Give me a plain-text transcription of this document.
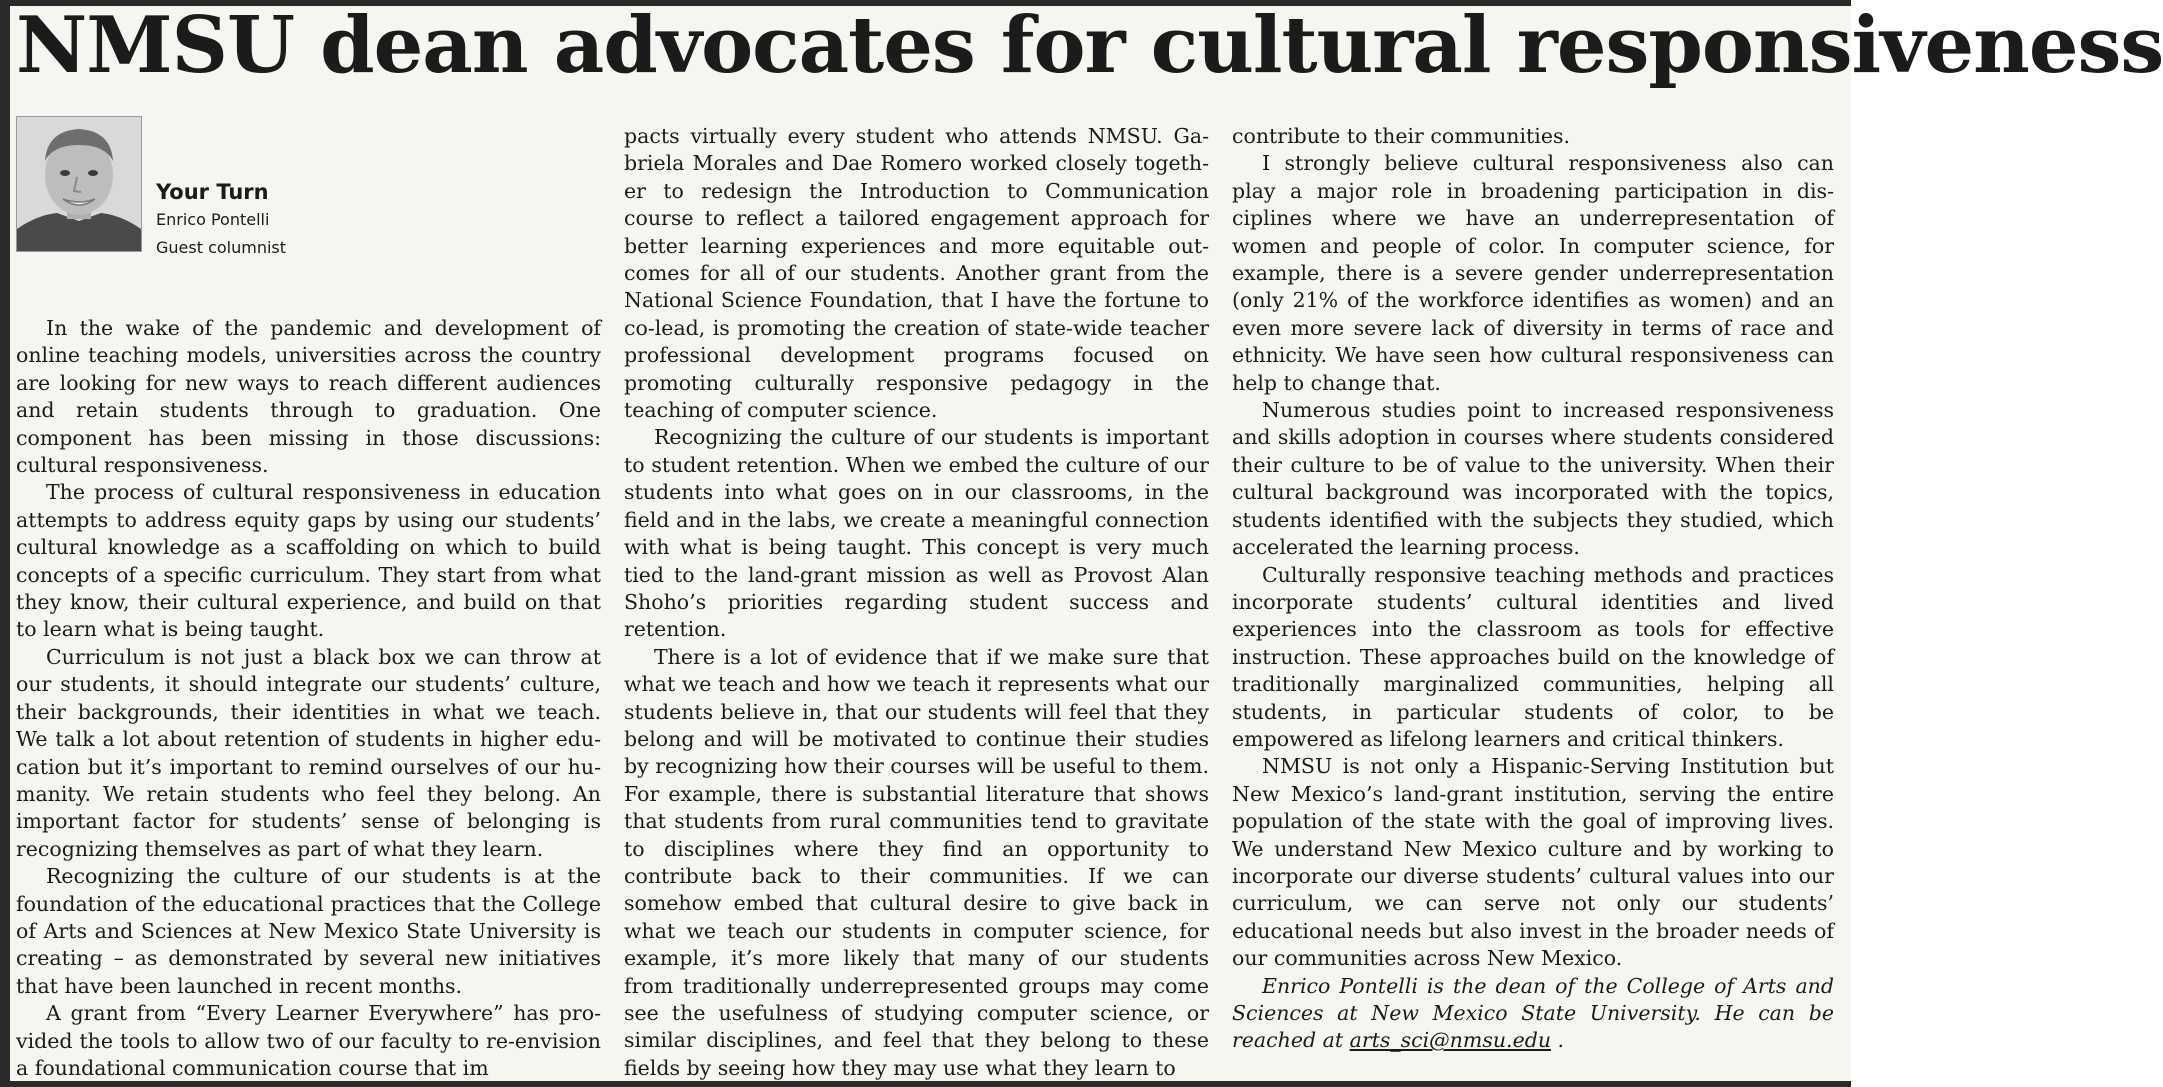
NMSU dean advocates for cultural responsiveness
Your Turn
Enrico Pontelli
Guest columnist

In the wake of the pandemic and development of online teaching models, universities across the country are looking for new ways to reach different audiences and retain students through to graduation. One component has been missing in those discussions: cultural responsiveness.

The process of cultural responsiveness in education attempts to address equity gaps by using our students’ cultural knowledge as a scaffolding on which to build concepts of a specific curriculum. They start from what they know, their cultural experience, and build on that to learn what is being taught.

Curriculum is not just a black box we can throw at our students, it should integrate our students’ culture, their backgrounds, their identities in what we teach. We talk a lot about retention of students in higher education but it’s important to remind ourselves of our humanity. We retain students who feel they belong. An important factor for students’ sense of belonging is recognizing themselves as part of what they learn.

Recognizing the culture of our students is at the foundation of the educational practices that the College of Arts and Sciences at New Mexico State University is creating – as demonstrated by several new initiatives that have been launched in recent months.

A grant from “Every Learner Everywhere” has provided the tools to allow two of our faculty to re-envision a foundational communication course that im

pacts virtually every student who attends NMSU. Gabriela Morales and Dae Romero worked closely together to redesign the Introduction to Communication course to reflect a tailored engagement approach for better learning experiences and more equitable outcomes for all of our students. Another grant from the National Science Foundation, that I have the fortune to co-lead, is promoting the creation of state-wide teacher professional development programs focused on promoting culturally responsive pedagogy in the teaching of computer science.

Recognizing the culture of our students is important to student retention. When we embed the culture of our students into what goes on in our classrooms, in the field and in the labs, we create a meaningful connection with what is being taught. This concept is very much tied to the land-grant mission as well as Provost Alan Shoho’s priorities regarding student success and retention.

There is a lot of evidence that if we make sure that what we teach and how we teach it represents what our students believe in, that our students will feel that they belong and will be motivated to continue their studies by recognizing how their courses will be useful to them. For example, there is substantial literature that shows that students from rural communities tend to gravitate to disciplines where they find an opportunity to contribute back to their communities. If we can somehow embed that cultural desire to give back in what we teach our students in computer science, for example, it’s more likely that many of our students from traditionally underrepresented groups may come see the usefulness of studying computer science, or similar disciplines, and feel that they belong to these fields by seeing how they may use what they learn to

contribute to their communities.

I strongly believe cultural responsiveness also can play a major role in broadening participation in disciplines where we have an underrepresentation of women and people of color. In computer science, for example, there is a severe gender underrepresentation (only 21% of the workforce identifies as women) and an even more severe lack of diversity in terms of race and ethnicity. We have seen how cultural responsiveness can help to change that.

Numerous studies point to increased responsiveness and skills adoption in courses where students considered their culture to be of value to the university. When their cultural background was incorporated with the topics, students identified with the subjects they studied, which accelerated the learning process.

Culturally responsive teaching methods and practices incorporate students’ cultural identities and lived experiences into the classroom as tools for effective instruction. These approaches build on the knowledge of traditionally marginalized communities, helping all students, in particular students of color, to be empowered as lifelong learners and critical thinkers.

NMSU is not only a Hispanic-Serving Institution but New Mexico’s land-grant institution, serving the entire population of the state with the goal of improving lives. We understand New Mexico culture and by working to incorporate our diverse students’ cultural values into our curriculum, we can serve not only our students’ educational needs but also invest in the broader needs of our communities across New Mexico.

Enrico Pontelli is the dean of the College of Arts and Sciences at New Mexico State University. He can be reached at arts_sci@nmsu.edu .
